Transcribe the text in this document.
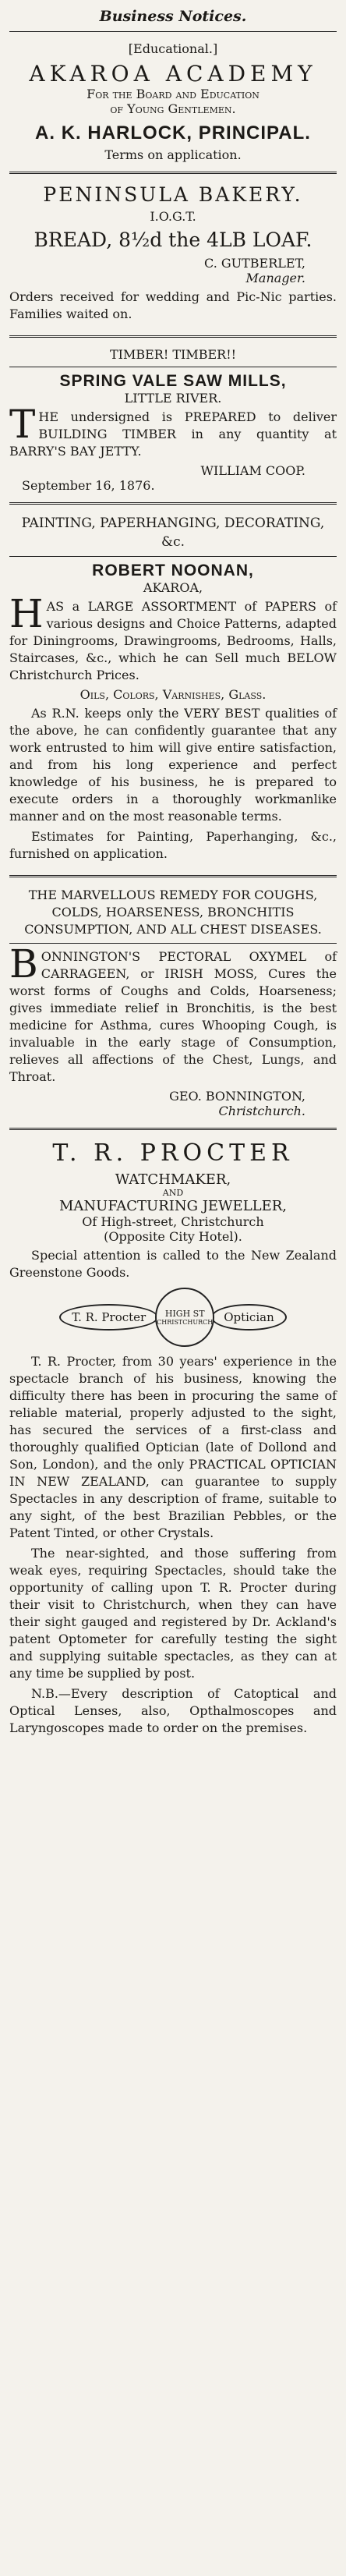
Business Notices.
[Educational.]
AKAROA ACADEMY
For the Board and Education
of Young Gentlemen.
A. K. HARLOCK, PRINCIPAL.
Terms on application.
PENINSULA BAKERY.
I.O.G.T.
BREAD, 8½d the 4LB LOAF.
C. GUTBERLET,
Manager.

Orders received for wedding and Pic-Nic parties. Families waited on.

TIMBER! TIMBER!!
SPRING VALE SAW MILLS,
LITTLE RIVER.

THE undersigned is PREPARED to deliver BUILDING TIMBER in any quantity at BARRY'S BAY JETTY.

WILLIAM COOP.
September 16, 1876.
PAINTING, PAPERHANGING, DECORATING, &c.
ROBERT NOONAN,
AKAROA,

HAS a LARGE ASSORTMENT of PAPERS of various designs and Choice Patterns, adapted for Diningrooms, Drawingrooms, Bedrooms, Halls, Staircases, &c., which he can Sell much BELOW Christchurch Prices.

Oils, Colors, Varnishes, Glass.

As R.N. keeps only the VERY BEST qualities of the above, he can confidently guarantee that any work entrusted to him will give entire satisfaction, and from his long experience and perfect knowledge of his business, he is prepared to execute orders in a thoroughly workmanlike manner and on the most reasonable terms.

Estimates for Painting, Paperhanging, &c., furnished on application.

THE MARVELLOUS REMEDY FOR COUGHS, COLDS, HOARSENESS, BRONCHITIS CONSUMPTION, AND ALL CHEST DISEASES.

BONNINGTON'S PECTORAL OXYMEL of CARRAGEEN, or IRISH MOSS, Cures the worst forms of Coughs and Colds, Hoarseness; gives immediate relief in Bronchitis, is the best medicine for Asthma, cures Whooping Cough, is invaluable in the early stage of Consumption, relieves all affections of the Chest, Lungs, and Throat.

GEO. BONNINGTON,
Christchurch.
T. R. PROCTER
WATCHMAKER,
AND
MANUFACTURING JEWELLER,
Of High-street, Christchurch
(Opposite City Hotel).

Special attention is called to the New Zealand Greenstone Goods.

T. R. Procter	HIGH ST
CHRISTCHURCH Optician

T. R. Procter, from 30 years' experience in the spectacle branch of his business, knowing the difficulty there has been in procuring the same of reliable material, properly adjusted to the sight, has secured the services of a first-class and thoroughly qualified Optician (late of Dollond and Son, London), and the only PRACTICAL OPTICIAN IN NEW ZEALAND, can guarantee to supply Spectacles in any description of frame, suitable to any sight, of the best Brazilian Pebbles, or the Patent Tinted, or other Crystals.

The near-sighted, and those suffering from weak eyes, requiring Spectacles, should take the opportunity of calling upon T. R. Procter during their visit to Christchurch, when they can have their sight gauged and registered by Dr. Ackland's patent Optometer for carefully testing the sight and supplying suitable spectacles, as they can at any time be supplied by post.

N.B.—Every description of Catoptical and Optical Lenses, also, Opthalmoscopes and Laryngoscopes made to order on the premises.
